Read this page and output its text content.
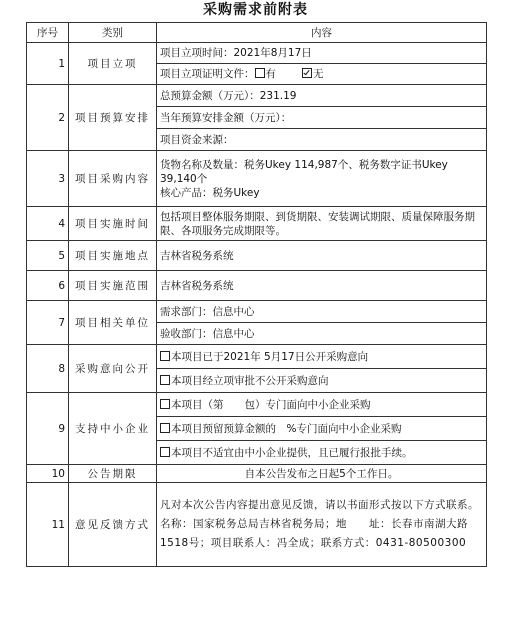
采购需求前附表
序号	类别	内容
1	项目立项	项目立项时间：2021年8月17日
		项目立项证明文件： 有 无
2	项目预算安排	总预算金额（万元）：231.19
		当年预算安排金额（万元）：
		项目资金来源：
3	项目采购内容	货物名称及数量：税务Ukey 114,987个、税务数字证书Ukey 39,140个
核心产品：税务Ukey

4	项目实施时间	包括项目整体服务期限、到货期限、安装调试期限、质量保障服务期限、各项服务完成期限等。
5	项目实施地点	吉林省税务系统
6	项目实施范围	吉林省税务系统
7	项目相关单位	需求部门：信息中心
		验收部门：信息中心
8	采购意向公开	本项目已于2021年 5月17日公开采购意向
		本项目经立项审批不公开采购意向
9	支持中小企业	本项目（第　　包）专门面向中小企业采购
		本项目预留预算金额的　%专门面向中小企业采购
		本项目不适宜由中小企业提供，且已履行报批手续。
10	公告期限	自本公告发布之日起5个工作日。
11	意见反馈方式	凡对本次公告内容提出意见反馈，请以书面形式按以下方式联系。名称：国家税务总局吉林省税务局；地　　址：长春市南湖大路1518号；项目联系人：冯全成；联系方式：0431-80500300
